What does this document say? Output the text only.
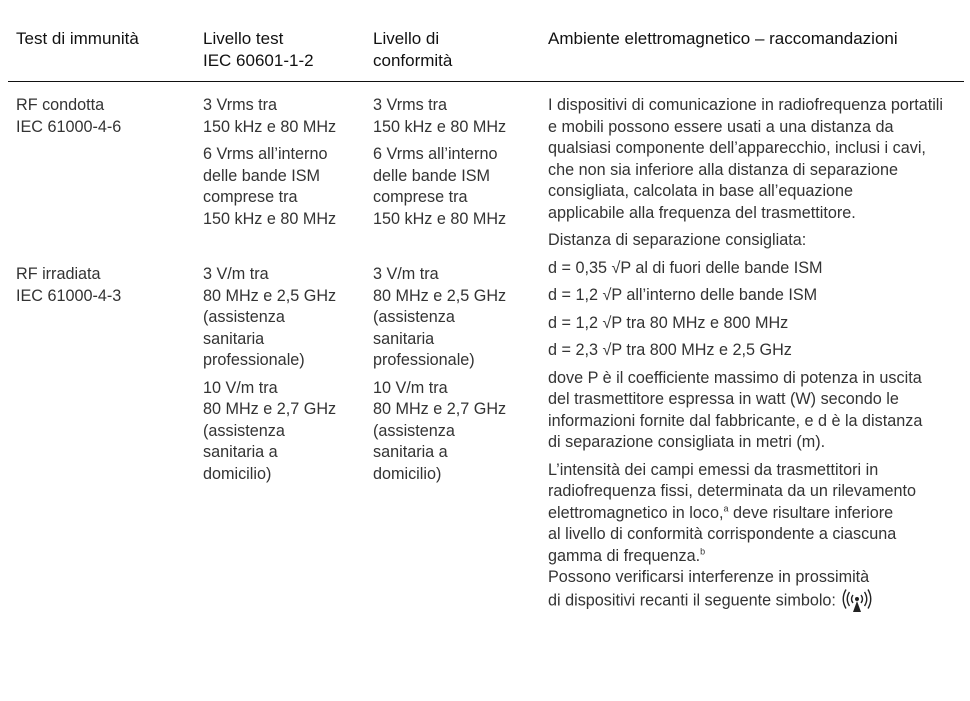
Test di immunità	Livello test
IEC 60601-1-2
Livello di
conformità
Ambiente elettromagnetico – raccomandazioni
RF condotta
IEC 61000-4-6

3 Vrms tra
150 kHz e 80 MHz

6 Vrms all’interno
delle bande ISM
comprese tra
150 kHz e 80 MHz

3 Vrms tra
150 kHz e 80 MHz

6 Vrms all’interno
delle bande ISM
comprese tra
150 kHz e 80 MHz

RF irradiata
IEC 61000-4-3

3 V/m tra
80 MHz e 2,5 GHz
(assistenza
sanitaria
professionale)

10 V/m tra
80 MHz e 2,7 GHz
(assistenza
sanitaria a
domicilio)

3 V/m tra
80 MHz e 2,5 GHz
(assistenza
sanitaria
professionale)

10 V/m tra
80 MHz e 2,7 GHz
(assistenza
sanitaria a
domicilio)

I dispositivi di comunicazione in radiofrequenza portatili
e mobili possono essere usati a una distanza da
qualsiasi componente dell’apparecchio, inclusi i cavi,
che non sia inferiore alla distanza di separazione
consigliata, calcolata in base all’equazione
applicabile alla frequenza del trasmettitore.

Distanza di separazione consigliata:

d = 0,35 √P al di fuori delle bande ISM

d = 1,2 √P all’interno delle bande ISM

d = 1,2 √P tra 80 MHz e 800 MHz

d = 2,3 √P tra 800 MHz e 2,5 GHz

dove P è il coefficiente massimo di potenza in uscita
del trasmettitore espressa in watt (W) secondo le
informazioni fornite dal fabbricante, e d è la distanza
di separazione consigliata in metri (m).

L’intensità dei campi emessi da trasmettitori in
radiofrequenza fissi, determinata da un rilevamento
elettromagnetico in loco,$^a$ deve risultare inferiore
al livello di conformità corrispondente a ciascuna
gamma di frequenza.$^b$

Possono verificarsi interferenze in prossimità
di dispositivi recanti il seguente simbolo:
